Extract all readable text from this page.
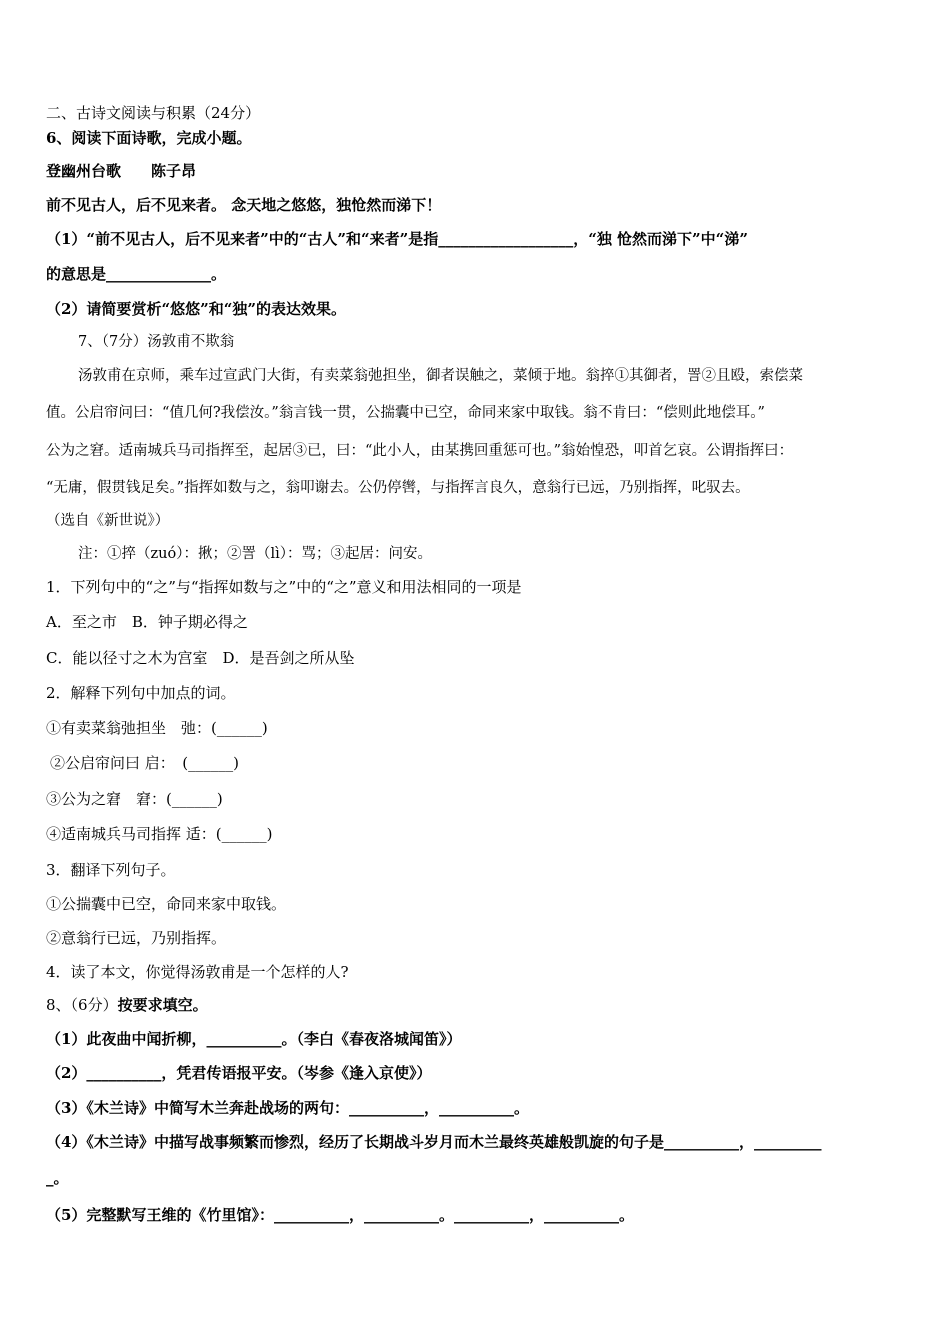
二、古诗文阅读与积累（24分）
6、阅读下面诗歌，完成小题。
登幽州台歌　　陈子昂
前不见古人，后不见来者。 念天地之悠悠，独怆然而涕下！
（1）“前不见古人，后不见来者”中的“古人”和“来者”是指__________________，“独 怆然而涕下”中“涕”
的意思是______________。
（2）请简要赏析“悠悠”和“独”的表达效果。
7、（7分）汤敦甫不欺翁
汤敦甫在京师，乘车过宣武门大街，有卖菜翁弛担坐，御者误触之，菜倾于地。翁捽①其御者，詈②且殴，索偿菜
值。公启帘问曰：“值几何?我偿汝。”翁言钱一贯，公揣囊中已空，命同来家中取钱。翁不肯曰：“偿则此地偿耳。”
公为之窘。适南城兵马司指挥至，起居③已，曰：“此小人，由某携回重惩可也。”翁始惶恐，叩首乞哀。公谓指挥曰：
“无庸，假贯钱足矣。”指挥如数与之，翁叩谢去。公仍停辔，与指挥言良久，意翁行已远，乃别指挥，叱驭去。
（选自《新世说》）
注：①捽（zuó）：揪；②詈（lì）：骂；③起居：问安。
1．下列句中的“之”与“指挥如数与之”中的“之”意义和用法相同的一项是
A．至之市　B．钟子期必得之
C．能以径寸之木为宫室　D．是吾剑之所从坠
2．解释下列句中加点的词。
①有卖菜翁弛担坐　弛：(______)
②公启帘问曰 启：　(______)
③公为之窘　窘：(______)
④适南城兵马司指挥 适：(______)
3．翻译下列句子。
①公揣囊中已空，命同来家中取钱。
②意翁行已远，乃别指挥。
4．读了本文，你觉得汤敦甫是一个怎样的人?
8、（6分）按要求填空。
（1）此夜曲中闻折柳，__________。（李白《春夜洛城闻笛》）
（2）__________，凭君传语报平安。（岑参《逢入京使》）
（3）《木兰诗》中简写木兰奔赴战场的两句：__________，__________。
（4）《木兰诗》中描写战事频繁而惨烈，经历了长期战斗岁月而木兰最终英雄般凯旋的句子是__________，_________
_。
（5）完整默写王维的《竹里馆》：__________，__________。__________，__________。
